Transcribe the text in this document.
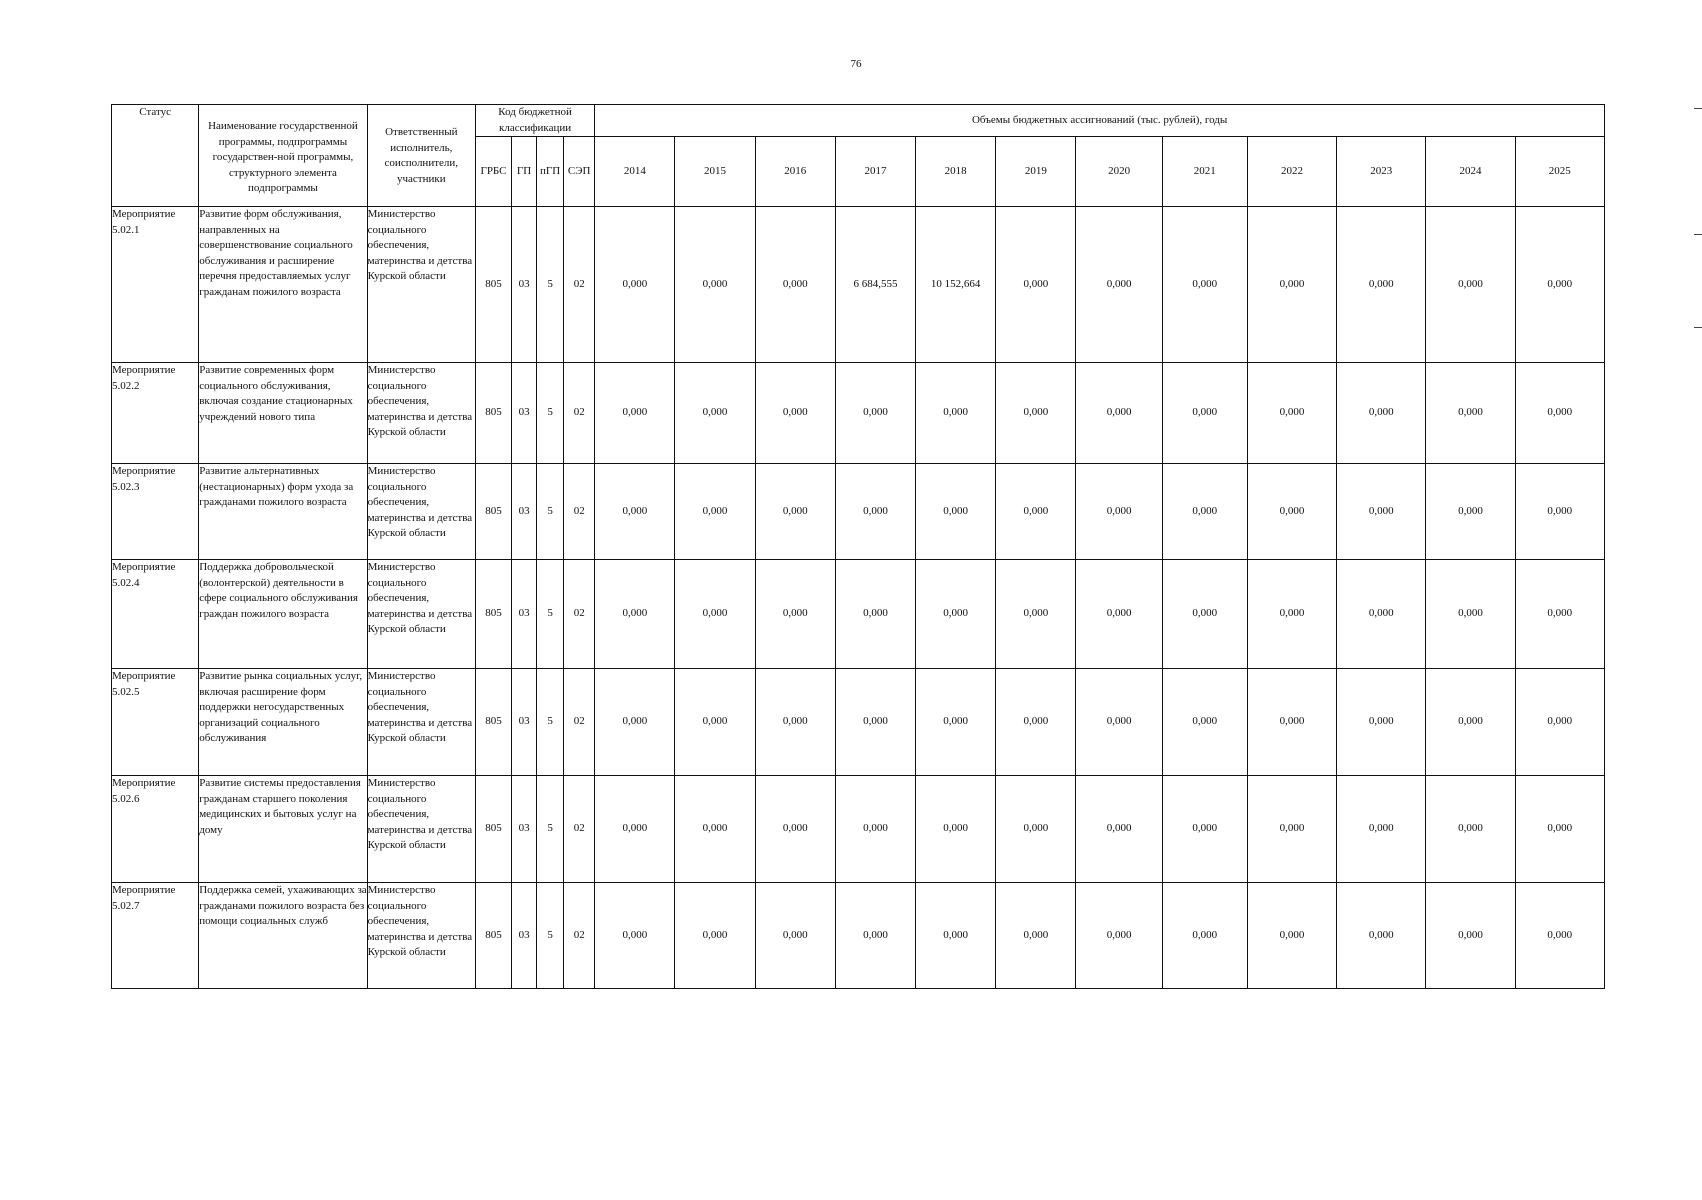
76
Статус	Наименование государственной программы, подпрограммы государствен-ной программы, структурного элемента подпрограммы	Ответственный исполнитель, соисполнители, участники	Код бюджетной классификации				Объемы бюджетных ассигнований (тыс. рублей), годы											
			ГРБС	ГП	пГП	СЭП	2014	2015	2016	2017	2018	2019	2020	2021	2022	2023	2024	2025
Мероприятие 5.02.1	Развитие форм обслуживания, направленных на совершенствование социального обслуживания и расширение перечня предоставляемых услуг гражданам пожилого возраста	Министерство социального обеспечения, материнства и детства Курской области	805	03	5	02	0,000	0,000	0,000	6 684,555	10 152,664	0,000	0,000	0,000	0,000	0,000	0,000	0,000
Мероприятие 5.02.2	Развитие современных форм социального обслуживания, включая создание стационарных учреждений нового типа	Министерство социального обеспечения, материнства и детства Курской области	805	03	5	02	0,000	0,000	0,000	0,000	0,000	0,000	0,000	0,000	0,000	0,000	0,000	0,000
Мероприятие 5.02.3	Развитие альтернативных (нестационарных) форм ухода за гражданами пожилого возраста	Министерство социального обеспечения, материнства и детства Курской области	805	03	5	02	0,000	0,000	0,000	0,000	0,000	0,000	0,000	0,000	0,000	0,000	0,000	0,000
Мероприятие 5.02.4	Поддержка добровольческой (волонтерской) деятельности в сфере социального обслуживания граждан пожилого возраста	Министерство социального обеспечения, материнства и детства Курской области	805	03	5	02	0,000	0,000	0,000	0,000	0,000	0,000	0,000	0,000	0,000	0,000	0,000	0,000
Мероприятие 5.02.5	Развитие рынка социальных услуг, включая расширение форм поддержки негосударственных организаций социального обслуживания	Министерство социального обеспечения, материнства и детства Курской области	805	03	5	02	0,000	0,000	0,000	0,000	0,000	0,000	0,000	0,000	0,000	0,000	0,000	0,000
Мероприятие 5.02.6	Развитие системы предоставления гражданам старшего поколения медицинских и бытовых услуг на дому	Министерство социального обеспечения, материнства и детства Курской области	805	03	5	02	0,000	0,000	0,000	0,000	0,000	0,000	0,000	0,000	0,000	0,000	0,000	0,000
Мероприятие 5.02.7	Поддержка семей, ухаживающих за гражданами пожилого возраста без помощи социальных служб	Министерство социального обеспечения, материнства и детства Курской области	805	03	5	02	0,000	0,000	0,000	0,000	0,000	0,000	0,000	0,000	0,000	0,000	0,000	0,000
